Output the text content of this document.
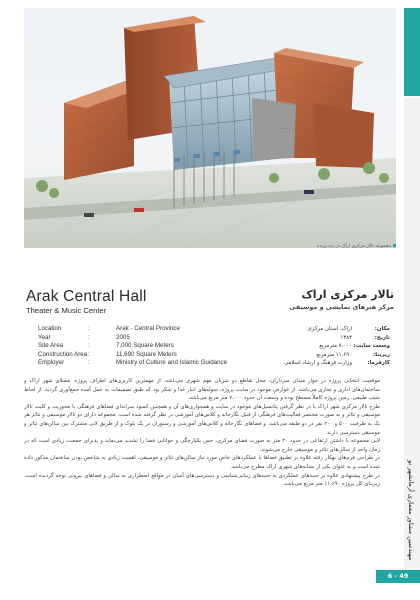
مجموعه تالار مرکزی اراک در دید پرنده
مهندسین مشاور معماری آرمانشهر نو
6 - 49
Arak Central Hall
Theater & Music Center
تالار مرکزی اراک
مرکز هنرهای نمایشی و موسیقی
Location	:	Arak - Central Province
Year	:	2005
Site Area	:	7,000 Square Meters
Construction Area :	11,690 Square Meters
Employer	:	Ministry of Culture and Islamic Guidance
مکان:
اراک، استان مرکزی
تاریخ:
۱۳۸۴
وسعت سایت:
۷،۰۰۰ مترمربع
زیربنا:
۱۱،۶۹۰ مترمربع
کارفرما:
وزارت فرهنگ و ارشاد اسلامی

موقعیت انتخابی پروژه در جوار میدان سرداران، محل تقاطع دو شریان مهم شهری می‌باشد. از مهمترین کاربری‌های اطراف پروژه، مصلای شهر اراک و ساختمان‌های اداری و تجاری می‌باشد. از عوارض موجود در سایت پروژه، سوله‌های انبار غذا و شکر بود که طبق تصمیمات به عمل آمده جمع‌آوری گردید. از لحاظ شیب طبیعی، زمین پروژه کاملاً مسطح بوده و وسعت آن حدود ۷،۰۰۰ متر مربع می‌باشد.

طرح تالار مرکزی شهر اراک با در نظر گرفتن پتانسیل‌های موجود در سایت و همجواری‌های آن و همچنین کمبود سرانه‌ای فضاهای فرهنگی با محوریت و کلیت تالار موسیقی و تئاتر و به صورت مختصر فعالیت‌های فرهنگی از قبیل نگارخانه و کلاس‌های آموزشی در نظر گرفته شده است. مجموعه دارای دو تالار موسیقی و تئاتر هر یک به ظرفیت ۵۰۰ و ۲۰۰ نفر در دو طبقه می‌باشد. و فضاهای نگارخانه و کلاس‌های آموزشی و رستوران در یک بلوک و از طریق لابی مشترک بین سالن‌های تئاتر و موسیقی دسترسی دارند.

لابی مجموعه با داشتن ارتفاعی در حدود ۲۰ متر به صورت فضای مرکزی، حس یکپارچگی و خوانایی فضا را تشدید می‌نماید و پذیرای جمعیت زیادی است که در زمان واحد از سالن‌های تئاتر و موسیقی خارج می‌شوند.

در طراحی فرم‌های بهکار رفته علاوه بر تطبیق فضاها با عملکردهای خاص مورد نیاز سالن‌های تئاتر و موسیقی، اهمیت زیادی به شاخص بودن ساختمان مذکور داده شده است و به عنوان یکی از نشانه‌های شهری اراک مطرح می‌باشد.

در طرح پیشنهادی علاوه بر جنبه‌های عملکردی به جنبه‌های زیبایی‌شناسی و دسترسی‌های آسان در مواقع اضطراری به سالن و فضاهای بیرونی توجه گردیده است. زیربنای کل پروژه ۱۱،۶۹۰ متر مربع می‌باشد.
